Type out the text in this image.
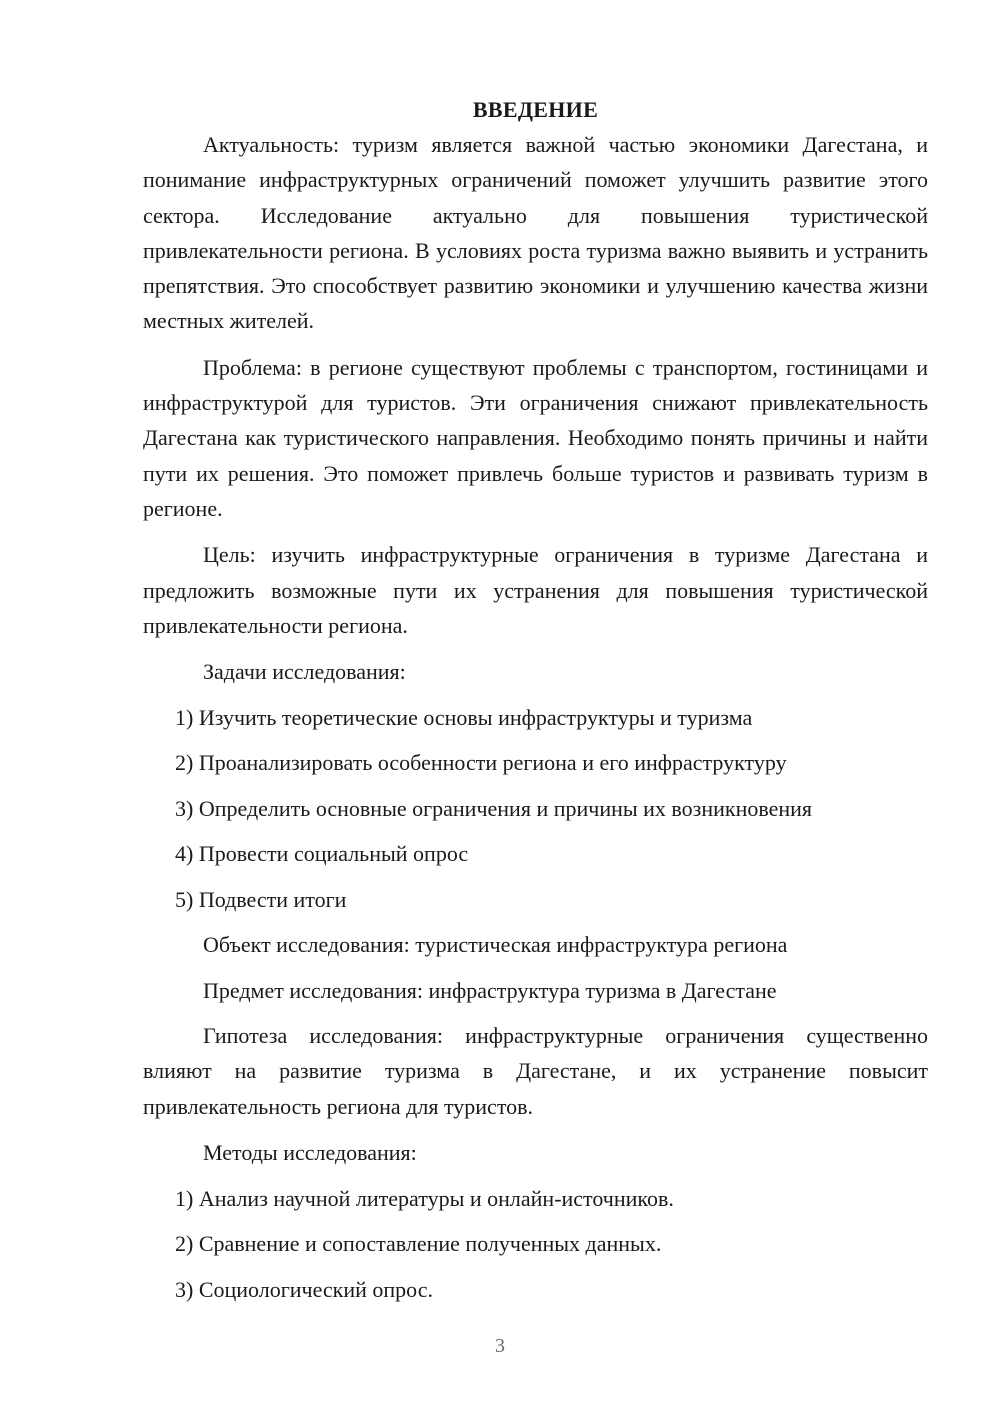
ВВЕДЕНИЕ

Актуальность: туризм является важной частью экономики Дагестана, и понимание инфраструктурных ограничений поможет улучшить развитие этого сектора. Исследование актуально для повышения туристической привлекательности региона. В условиях роста туризма важно выявить и устранить препятствия. Это способствует развитию экономики и улучшению качества жизни местных жителей.

Проблема: в регионе существуют проблемы с транспортом, гостиницами и инфраструктурой для туристов. Эти ограничения снижают привлекательность Дагестана как туристического направления. Необходимо понять причины и найти пути их решения. Это поможет привлечь больше туристов и развивать туризм в регионе.

Цель: изучить инфраструктурные ограничения в туризме Дагестана и предложить возможные пути их устранения для повышения туристической привлекательности региона.

Задачи исследования:
1) Изучить теоретические основы инфраструктуры и туризма
2) Проанализировать особенности региона и его инфраструктуру
3) Определить основные ограничения и причины их возникновения
4) Провести социальный опрос
5) Подвести итоги
Объект исследования: туристическая инфраструктура региона
Предмет исследования: инфраструктура туризма в Дагестане

Гипотеза исследования: инфраструктурные ограничения существенно влияют на развитие туризма в Дагестане, и их устранение повысит привлекательность региона для туристов.

Методы исследования:
1) Анализ научной литературы и онлайн-источников.
2) Сравнение и сопоставление полученных данных.
3) Социологический опрос.
3
